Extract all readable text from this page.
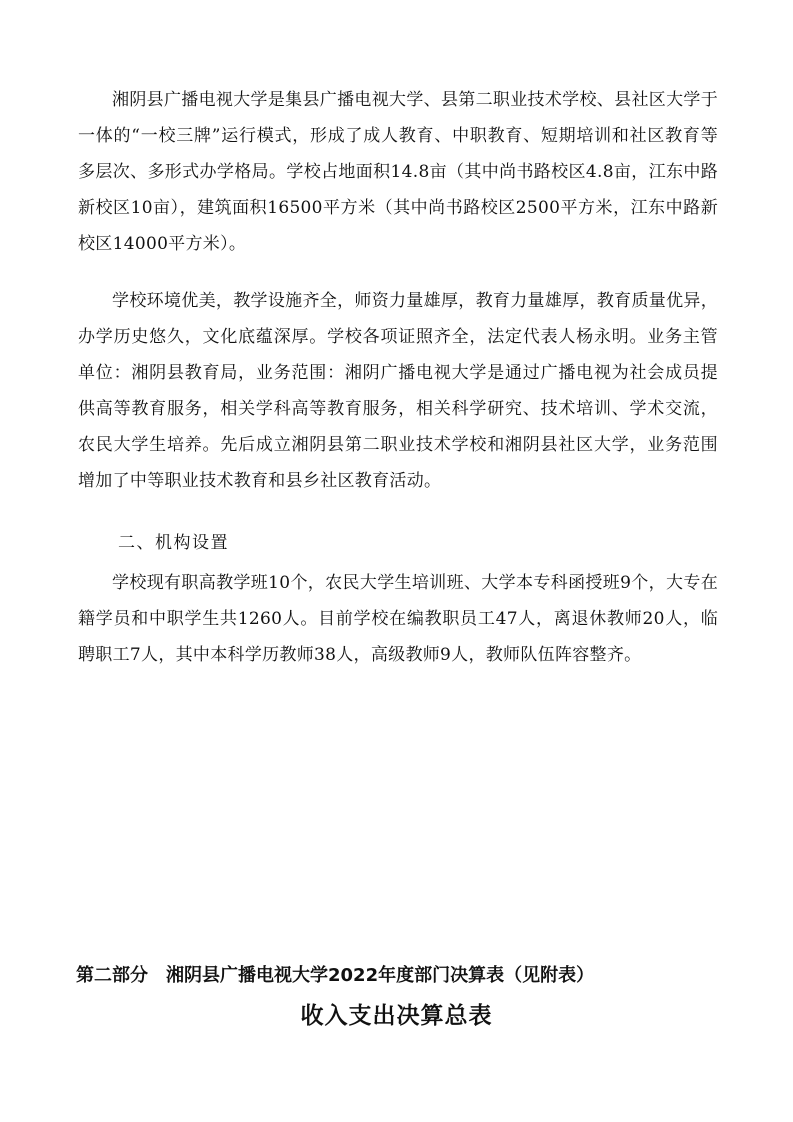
湘阴县广播电视大学是集县广播电视大学、县第二职业技术学校、县社区大学于一体的“一校三牌”运行模式，形成了成人教育、中职教育、短期培训和社区教育等多层次、多形式办学格局。学校占地面积14.8亩（其中尚书路校区4.8亩，江东中路新校区10亩），建筑面积16500平方米（其中尚书路校区2500平方米，江东中路新校区14000平方米）。

学校环境优美，教学设施齐全，师资力量雄厚，教育力量雄厚，教育质量优异，办学历史悠久，文化底蕴深厚。学校各项证照齐全，法定代表人杨永明。业务主管单位：湘阴县教育局，业务范围：湘阴广播电视大学是通过广播电视为社会成员提供高等教育服务，相关学科高等教育服务，相关科学研究、技术培训、学术交流，农民大学生培养。先后成立湘阴县第二职业技术学校和湘阴县社区大学，业务范围增加了中等职业技术教育和县乡社区教育活动。

二、机构设置

学校现有职高教学班10个，农民大学生培训班、大学本专科函授班9个，大专在籍学员和中职学生共1260人。目前学校在编教职员工47人，离退休教师20人，临聘职工7人，其中本科学历教师38人，高级教师9人，教师队伍阵容整齐。

第二部分　湘阴县广播电视大学2022年度部门决算表（见附表）

收入支出决算总表
